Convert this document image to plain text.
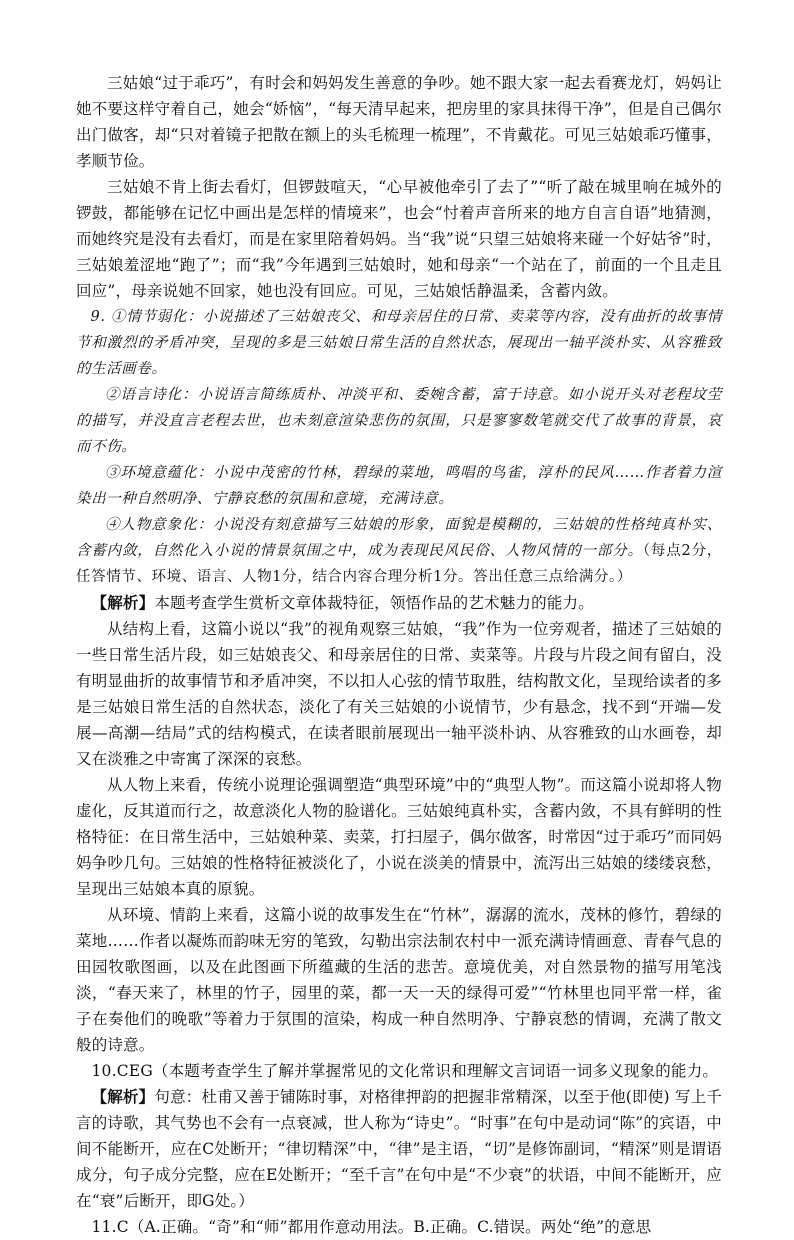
三姑娘“过于乖巧”，有时会和妈妈发生善意的争吵。她不跟大家一起去看赛龙灯，妈妈让她不要这样守着自己，她会“娇恼”，“每天清早起来，把房里的家具抹得干净”，但是自己偶尔出门做客，却“只对着镜子把散在额上的头毛梳理一梳理”，不肯戴花。可见三姑娘乖巧懂事，孝顺节俭。

三姑娘不肯上街去看灯，但锣鼓喧天，“心早被他牵引了去了”“听了敲在城里响在城外的锣鼓，都能够在记忆中画出是怎样的情境来”，也会“忖着声音所来的地方自言自语”地猜测，而她终究是没有去看灯，而是在家里陪着妈妈。当“我”说“只望三姑娘将来碰一个好姑爷”时，三姑娘羞涩地“跑了”；而“我”今年遇到三姑娘时，她和母亲“一个站在了，前面的一个且走且回应”，母亲说她不回家，她也没有回应。可见，三姑娘恬静温柔，含蓄内敛。

9. ①情节弱化：小说描述了三姑娘丧父、和母亲居住的日常、卖菜等内容，没有曲折的故事情节和激烈的矛盾冲突，呈现的多是三姑娘日常生活的自然状态，展现出一轴平淡朴实、从容雅致的生活画卷。

②语言诗化：小说语言简练质朴、冲淡平和、委婉含蓄，富于诗意。如小说开头对老程坟茔的描写，并没直言老程去世，也未刻意渲染悲伤的氛围，只是寥寥数笔就交代了故事的背景，哀而不伤。

③环境意蕴化：小说中茂密的竹林，碧绿的菜地，鸣唱的鸟雀，淳朴的民风……作者着力渲染出一种自然明净、宁静哀愁的氛围和意境，充满诗意。

④人物意象化：小说没有刻意描写三姑娘的形象，面貌是模糊的，三姑娘的性格纯真朴实、含蓄内敛，自然化入小说的情景氛围之中，成为表现民风民俗、人物风情的一部分。（每点2分，任答情节、环境、语言、人物1分，结合内容合理分析1分。答出任意三点给满分。）

【解析】本题考查学生赏析文章体裁特征，领悟作品的艺术魅力的能力。

从结构上看，这篇小说以“我”的视角观察三姑娘，“我”作为一位旁观者，描述了三姑娘的一些日常生活片段，如三姑娘丧父、和母亲居住的日常、卖菜等。片段与片段之间有留白，没有明显曲折的故事情节和矛盾冲突，不以扣人心弦的情节取胜，结构散文化，呈现给读者的多是三姑娘日常生活的自然状态，淡化了有关三姑娘的小说情节，少有悬念，找不到“开端—发展—高潮—结局”式的结构模式，在读者眼前展现出一轴平淡朴讷、从容雅致的山水画卷，却又在淡雅之中寄寓了深深的哀愁。

从人物上来看，传统小说理论强调塑造“典型环境”中的“典型人物”。而这篇小说却将人物虚化，反其道而行之，故意淡化人物的脸谱化。三姑娘纯真朴实，含蓄内敛，不具有鲜明的性格特征：在日常生活中，三姑娘种菜、卖菜，打扫屋子，偶尔做客，时常因“过于乖巧”而同妈妈争吵几句。三姑娘的性格特征被淡化了，小说在淡美的情景中，流泻出三姑娘的缕缕哀愁，呈现出三姑娘本真的原貌。

从环境、情韵上来看，这篇小说的故事发生在“竹林”，潺潺的流水，茂林的修竹，碧绿的菜地……作者以凝炼而韵味无穷的笔致，勾勒出宗法制农村中一派充满诗情画意、青春气息的田园牧歌图画，以及在此图画下所蕴藏的生活的悲苦。意境优美，对自然景物的描写用笔浅淡，“春天来了，林里的竹子，园里的菜，都一天一天的绿得可爱”“竹林里也同平常一样，雀子在奏他们的晚歌”等着力于氛围的渲染，构成一种自然明净、宁静哀愁的情调，充满了散文般的诗意。

10.CEG（本题考查学生了解并掌握常见的文化常识和理解文言词语一词多义现象的能力。

【解析】句意：杜甫又善于铺陈时事，对格律押韵的把握非常精深，以至于他(即使) 写上千言的诗歌，其气势也不会有一点衰减，世人称为“诗史”。“时事”在句中是动词“陈”的宾语，中间不能断开，应在C处断开；“律切精深”中，“律”是主语，“切”是修饰副词，“精深”则是谓语成分，句子成分完整，应在E处断开；“至千言”在句中是“不少衰”的状语，中间不能断开，应在“衰”后断开，即G处。）

11.C（A.正确。“奇”和“师”都用作意动用法。B.正确。C.错误。两处“绝”的意思
